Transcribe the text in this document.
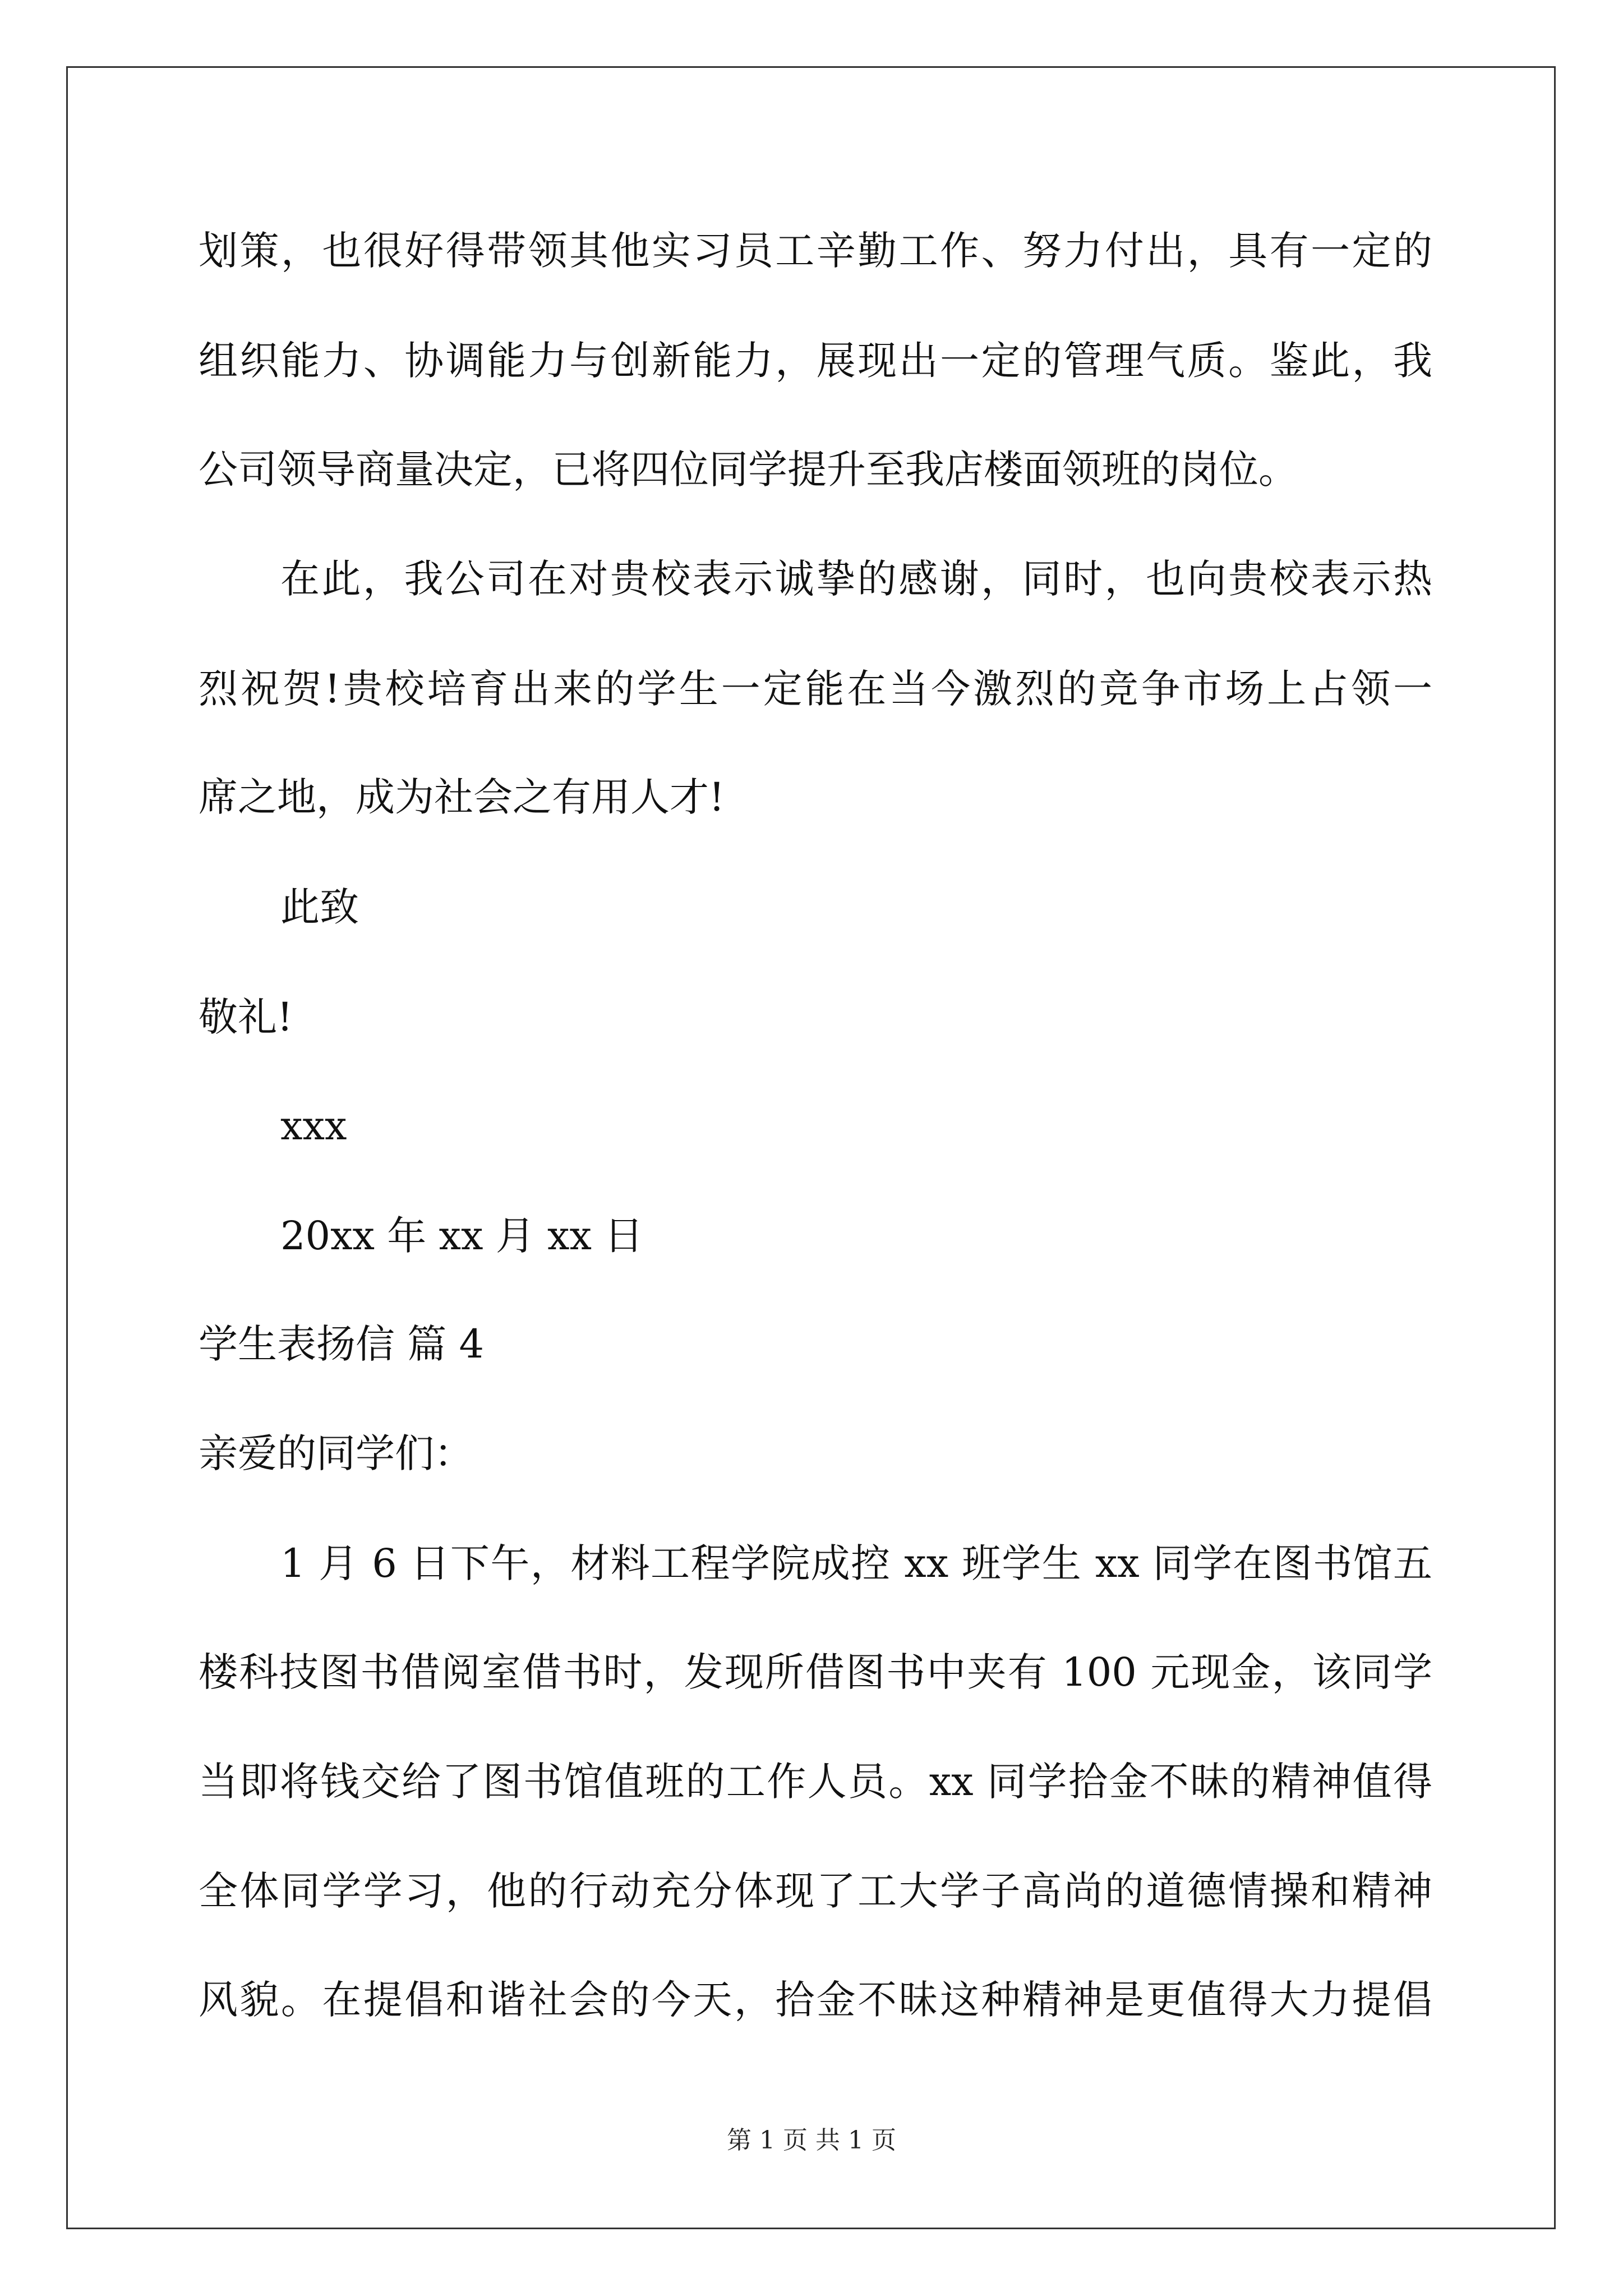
划策，也很好得带领其他实习员工辛勤工作、努力付出，具有一定的
组织能力、协调能力与创新能力，展现出一定的管理气质。鉴此，我
公司领导商量决定，已将四位同学提升至我店楼面领班的岗位。
在此，我公司在对贵校表示诚挚的感谢，同时，也向贵校表示热
烈祝贺!贵校培育出来的学生一定能在当今激烈的竞争市场上占领一
席之地，成为社会之有用人才!
此致
敬礼!
xxx
20xx 年 xx 月 xx 日
学生表扬信 篇 4
亲爱的同学们：
1 月 6 日下午，材料工程学院成控 xx 班学生 xx 同学在图书馆五
楼科技图书借阅室借书时，发现所借图书中夹有 100 元现金，该同学
当即将钱交给了图书馆值班的工作人员。xx 同学拾金不昧的精神值得
全体同学学习，他的行动充分体现了工大学子高尚的道德情操和精神
风貌。在提倡和谐社会的今天，拾金不昧这种精神是更值得大力提倡
第 1 页 共 1 页
